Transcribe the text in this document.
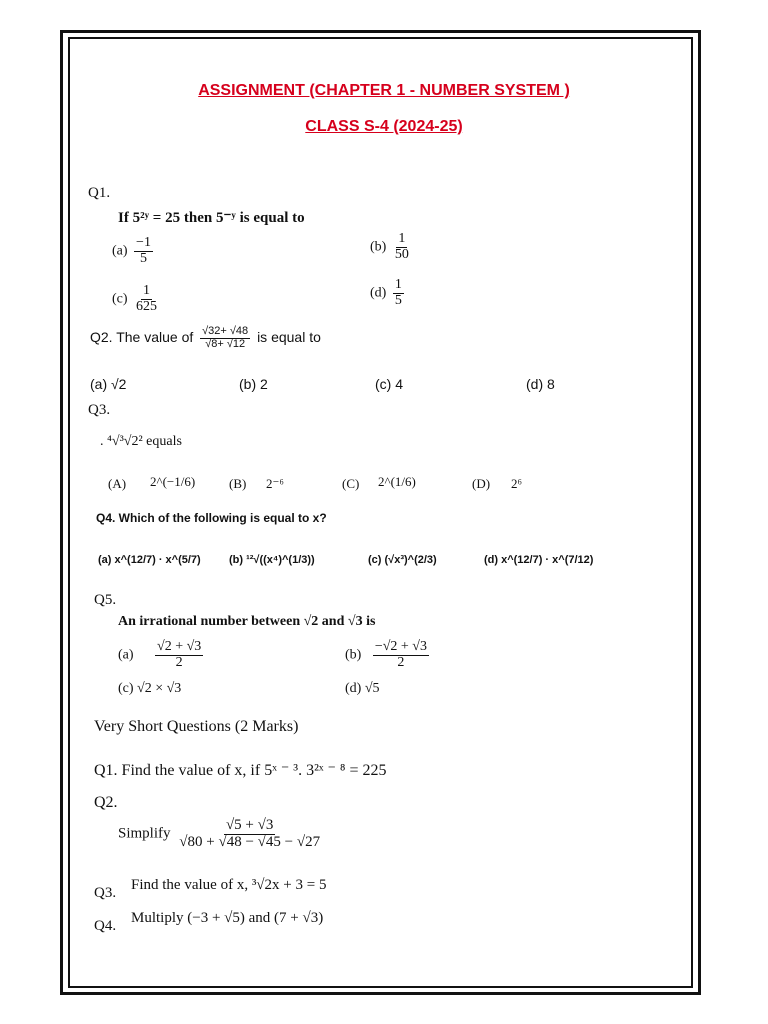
ASSIGNMENT (CHAPTER 1 - NUMBER SYSTEM )
CLASS S-4 (2024-25)
Q1.
If 5²ʸ = 25 then 5⁻ʸ is equal to
$(a) \frac{-1}{5}$	$(b) \frac{1}{50}$
$(c) \frac{1}{625}$	$(d) \frac{1}{5}$
Q2. The value of $\frac{√32+ √48}{√8+ √12}$ is equal to
(a) √2	(b) 2	(c) 4	(d) 8
Q3.
. ⁴√³√2² equals
(A) 2^(−1/6)	(B) 2⁻⁶	(C) 2^(1/6)	(D) 2⁶
Q4. Which of the following is equal to x?
(a) x^(12/7) · x^(5/7)	(b) ¹²√((x⁴)^(1/3))	(c) (√x³)^(2/3)	(d) x^(12/7) · x^(7/12)
Q5.
An irrational number between √2 and √3 is
$(a) \frac{√2 + √3}{2}$	$(b) \frac{-√2 + √3}{2}$
(c) √2 × √3	(d) √5
Very Short Questions (2 Marks)
Q1. Find the value of x, if 5ˣ ⁻ ³. 3²ˣ ⁻ ⁸ = 225
Q2.
Simplify $\frac{√5 + √3}{√80 + √48 - √45 - √27}$
Q3. Find the value of x, ³√2x + 3 = 5
Q4. Multiply (−3 + √5) and (7 + √3)
